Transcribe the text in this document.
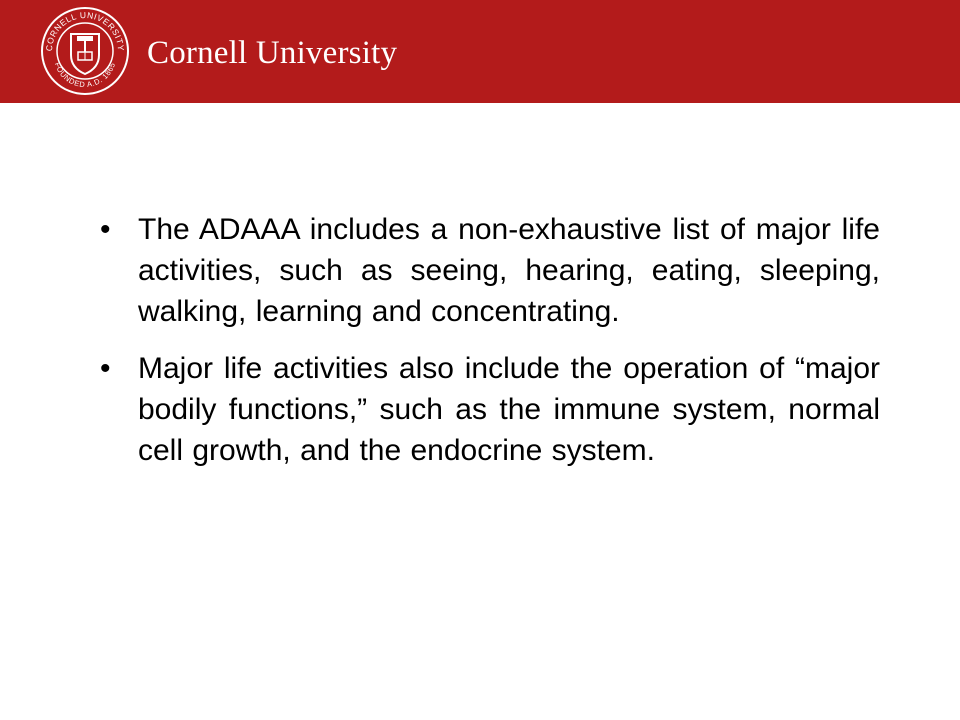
CORNELL UNIVERSITY
FOUNDED A.D. 1865 Cornell University
• The ADAAA includes a non-exhaustive list of major life activities, such as seeing, hearing, eating, sleeping, walking, learning and concentrating.
• Major life activities also include the operation of “major bodily functions,” such as the immune system, normal cell growth, and the endocrine system.
